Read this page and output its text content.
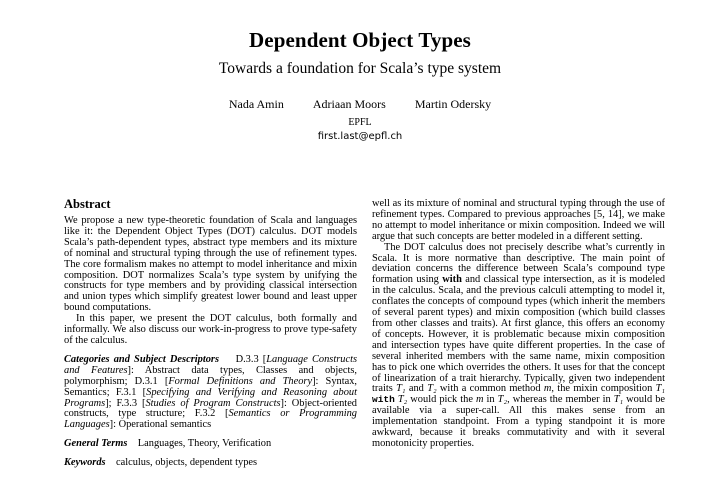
Dependent Object Types
Towards a foundation for Scala’s type system
Nada Amin Adriaan Moors Martin Odersky
EPFL
first.last@epfl.ch
Abstract

We propose a new type-theoretic foundation of Scala and languages like it: the Dependent Object Types (DOT) calculus. DOT models Scala’s path-dependent types, abstract type members and its mixture of nominal and structural typing through the use of refinement types. The core formalism makes no attempt to model inheritance and mixin composition. DOT normalizes Scala’s type system by unifying the constructs for type members and by providing classical intersection and union types which simplify greatest lower bound and least upper bound computations.

In this paper, we present the DOT calculus, both formally and informally. We also discuss our work-in-progress to prove type-safety of the calculus.

Categories and Subject Descriptors D.3.3 [Language Constructs and Features]: Abstract data types, Classes and objects, polymorphism; D.3.1 [Formal Definitions and Theory]: Syntax, Semantics; F.3.1 [Specifying and Verifying and Reasoning about Programs]; F.3.3 [Studies of Program Constructs]: Object-oriented constructs, type structure; F.3.2 [Semantics or Programming Languages]: Operational semantics

General Terms Languages, Theory, Verification

Keywords calculus, objects, dependent types

well as its mixture of nominal and structural typing through the use of refinement types. Compared to previous approaches [5, 14], we make no attempt to model inheritance or mixin composition. Indeed we will argue that such concepts are better modeled in a different setting.

The DOT calculus does not precisely describe what’s currently in Scala. It is more normative than descriptive. The main point of deviation concerns the difference between Scala’s compound type formation using with and classical type intersection, as it is modeled in the calculus. Scala, and the previous calculi attempting to model it, conflates the concepts of compound types (which inherit the members of several parent types) and mixin composition (which build classes from other classes and traits). At first glance, this offers an economy of concepts. However, it is problematic because mixin composition and intersection types have quite different properties. In the case of several inherited members with the same name, mixin composition has to pick one which overrides the others. It uses for that the concept of linearization of a trait hierarchy. Typically, given two independent traits T₁ and T₂ with a common method m, the mixin composition T₁ with T₂ would pick the m in T₂, whereas the member in T₁ would be available via a super-call. All this makes sense from an implementation standpoint. From a typing standpoint it is more awkward, because it breaks commutativity and with it several monotonicity properties.
